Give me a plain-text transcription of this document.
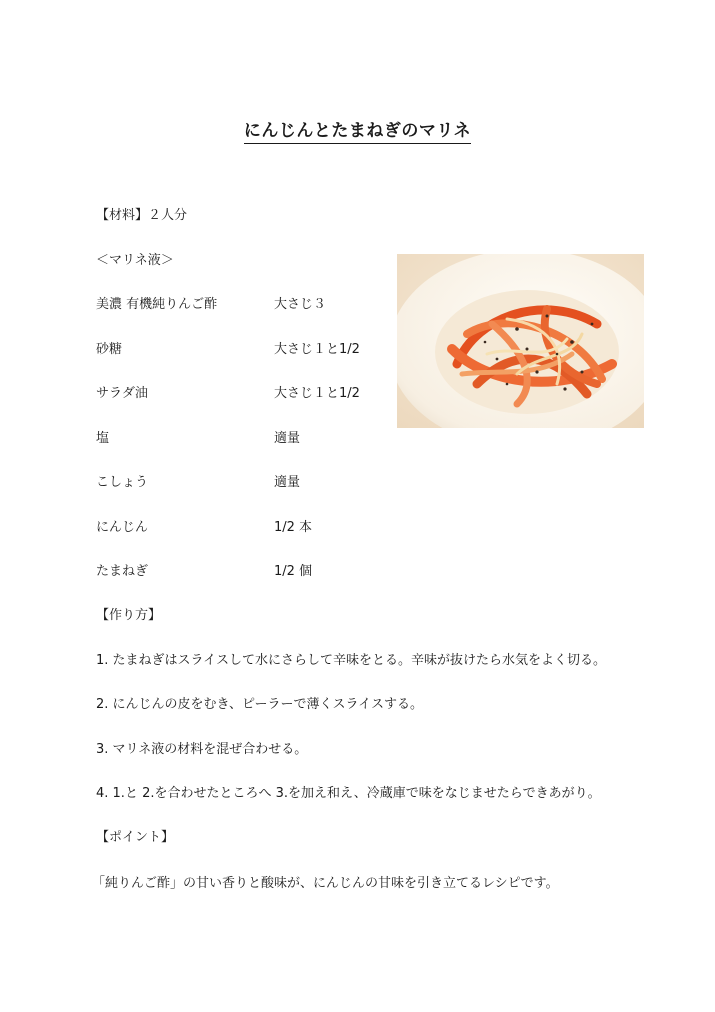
にんじんとたまねぎのマリネ
【材料】２人分
＜マリネ液＞
美濃 有機純りんご酢	大さじ３
砂糖	大さじ１と1/2
サラダ油	大さじ１と1/2
塩	適量
こしょう	適量
にんじん	1/2 本
たまねぎ	1/2 個
【作り方】
1. たまねぎはスライスして水にさらして辛味をとる。辛味が抜けたら水気をよく切る。
2. にんじんの皮をむき、ピーラーで薄くスライスする。
3. マリネ液の材料を混ぜ合わせる。
4. 1.と 2.を合わせたところへ 3.を加え和え、冷蔵庫で味をなじませたらできあがり。
【ポイント】
「純りんご酢」の甘い香りと酸味が、にんじんの甘味を引き立てるレシピです。
